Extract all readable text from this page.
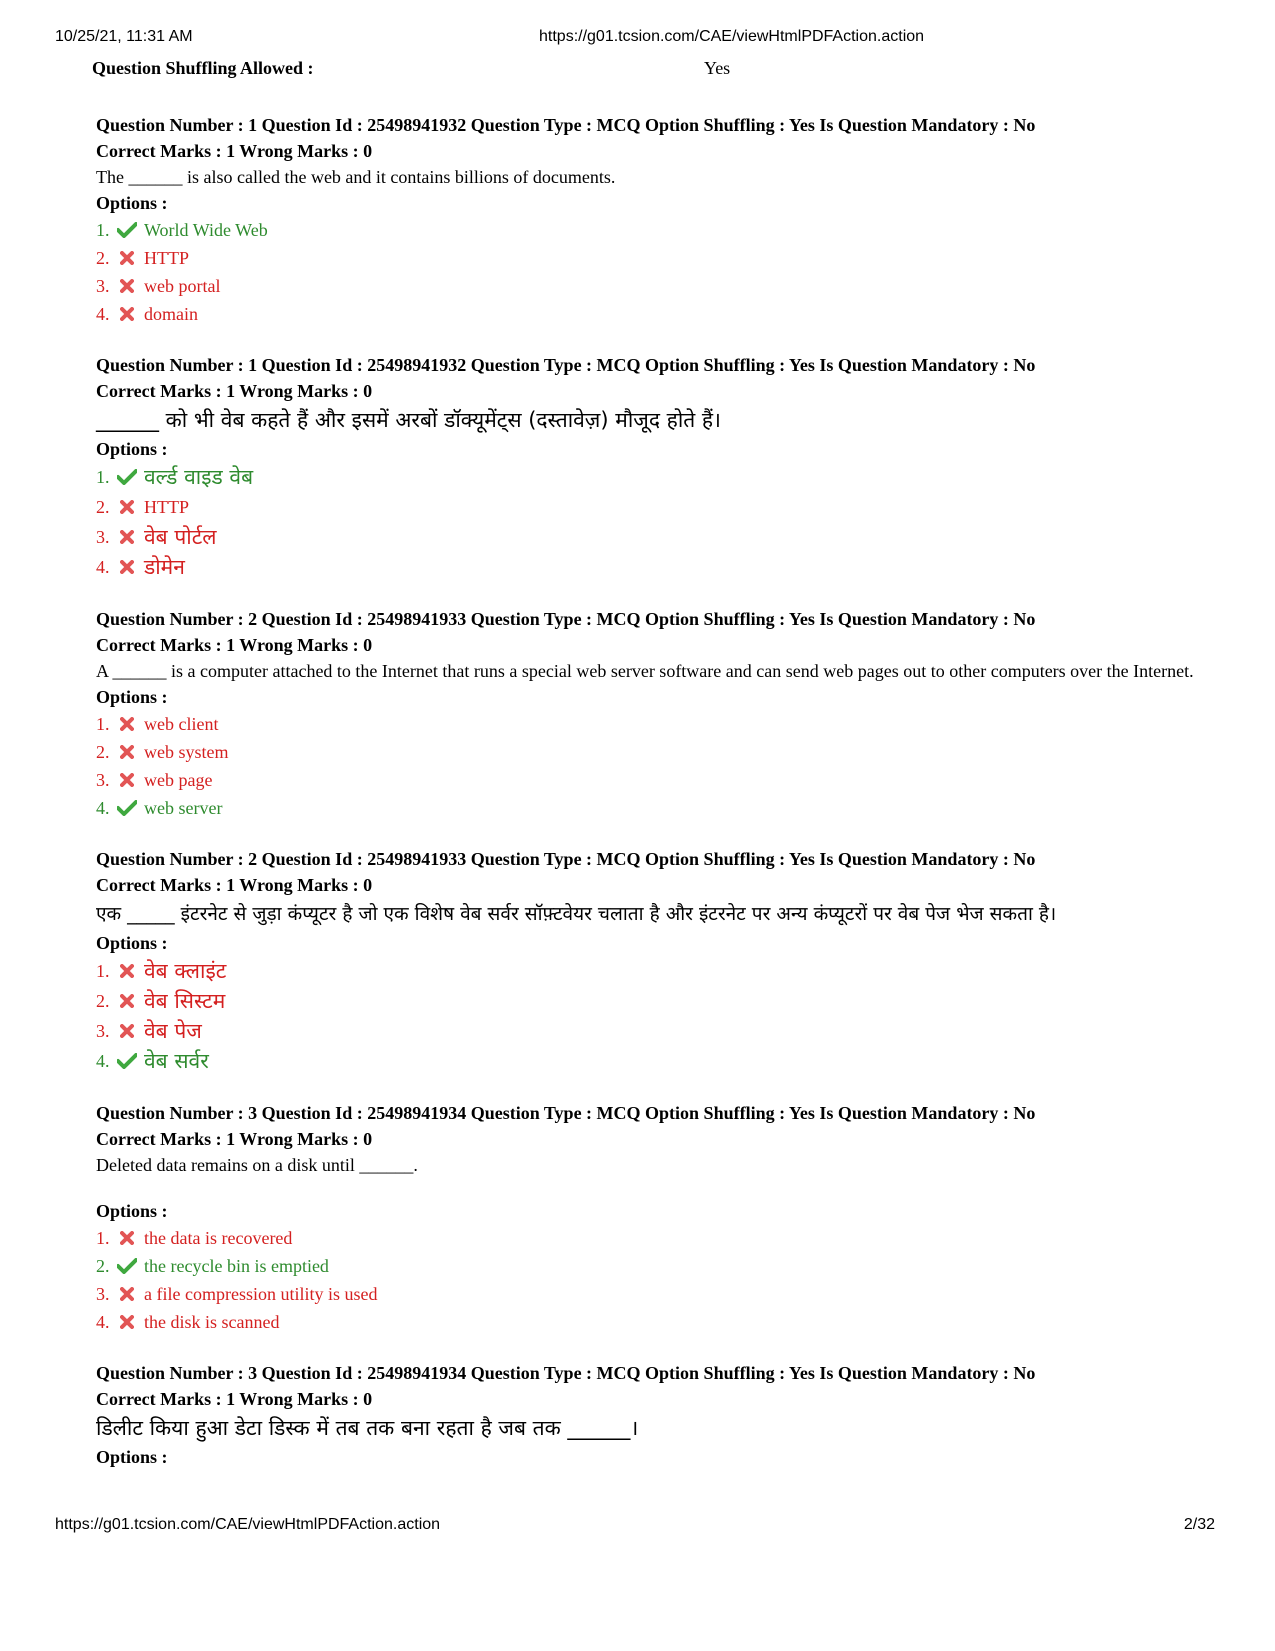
10/25/21, 11:31 AM	https://g01.tcsion.com/CAE/viewHtmlPDFAction.action
Question Shuffling Allowed :	Yes
Question Number : 1 Question Id : 25498941932 Question Type : MCQ Option Shuffling : Yes Is Question Mandatory : No
Correct Marks : 1 Wrong Marks : 0
The ______ is also called the web and it contains billions of documents.
Options :
1.	World Wide Web
2.	HTTP
3.	web portal
4.	domain
Question Number : 1 Question Id : 25498941932 Question Type : MCQ Option Shuffling : Yes Is Question Mandatory : No
Correct Marks : 1 Wrong Marks : 0
______ को भी वेब कहते हैं और इसमें अरबों डॉक्यूमेंट्स (दस्तावेज़) मौजूद होते हैं।
Options :
1.	वर्ल्ड वाइड वेब
2.	HTTP
3.	वेब पोर्टल
4.	डोमेन
Question Number : 2 Question Id : 25498941933 Question Type : MCQ Option Shuffling : Yes Is Question Mandatory : No
Correct Marks : 1 Wrong Marks : 0
A ______ is a computer attached to the Internet that runs a special web server software and can send web pages out to other computers over the Internet.
Options :
1.	web client
2.	web system
3.	web page
4.	web server
Question Number : 2 Question Id : 25498941933 Question Type : MCQ Option Shuffling : Yes Is Question Mandatory : No
Correct Marks : 1 Wrong Marks : 0
एक _____ इंटरनेट से जुड़ा कंप्यूटर है जो एक विशेष वेब सर्वर सॉफ़्टवेयर चलाता है और इंटरनेट पर अन्य कंप्यूटरों पर वेब पेज भेज सकता है।
Options :
1.	वेब क्लाइंट
2.	वेब सिस्टम
3.	वेब पेज
4.	वेब सर्वर
Question Number : 3 Question Id : 25498941934 Question Type : MCQ Option Shuffling : Yes Is Question Mandatory : No
Correct Marks : 1 Wrong Marks : 0
Deleted data remains on a disk until ______.
Options :
1.	the data is recovered
2.	the recycle bin is emptied
3.	a file compression utility is used
4.	the disk is scanned
Question Number : 3 Question Id : 25498941934 Question Type : MCQ Option Shuffling : Yes Is Question Mandatory : No
Correct Marks : 1 Wrong Marks : 0
डिलीट किया हुआ डेटा डिस्क में तब तक बना रहता है जब तक ______।
Options :
https://g01.tcsion.com/CAE/viewHtmlPDFAction.action	2/32
